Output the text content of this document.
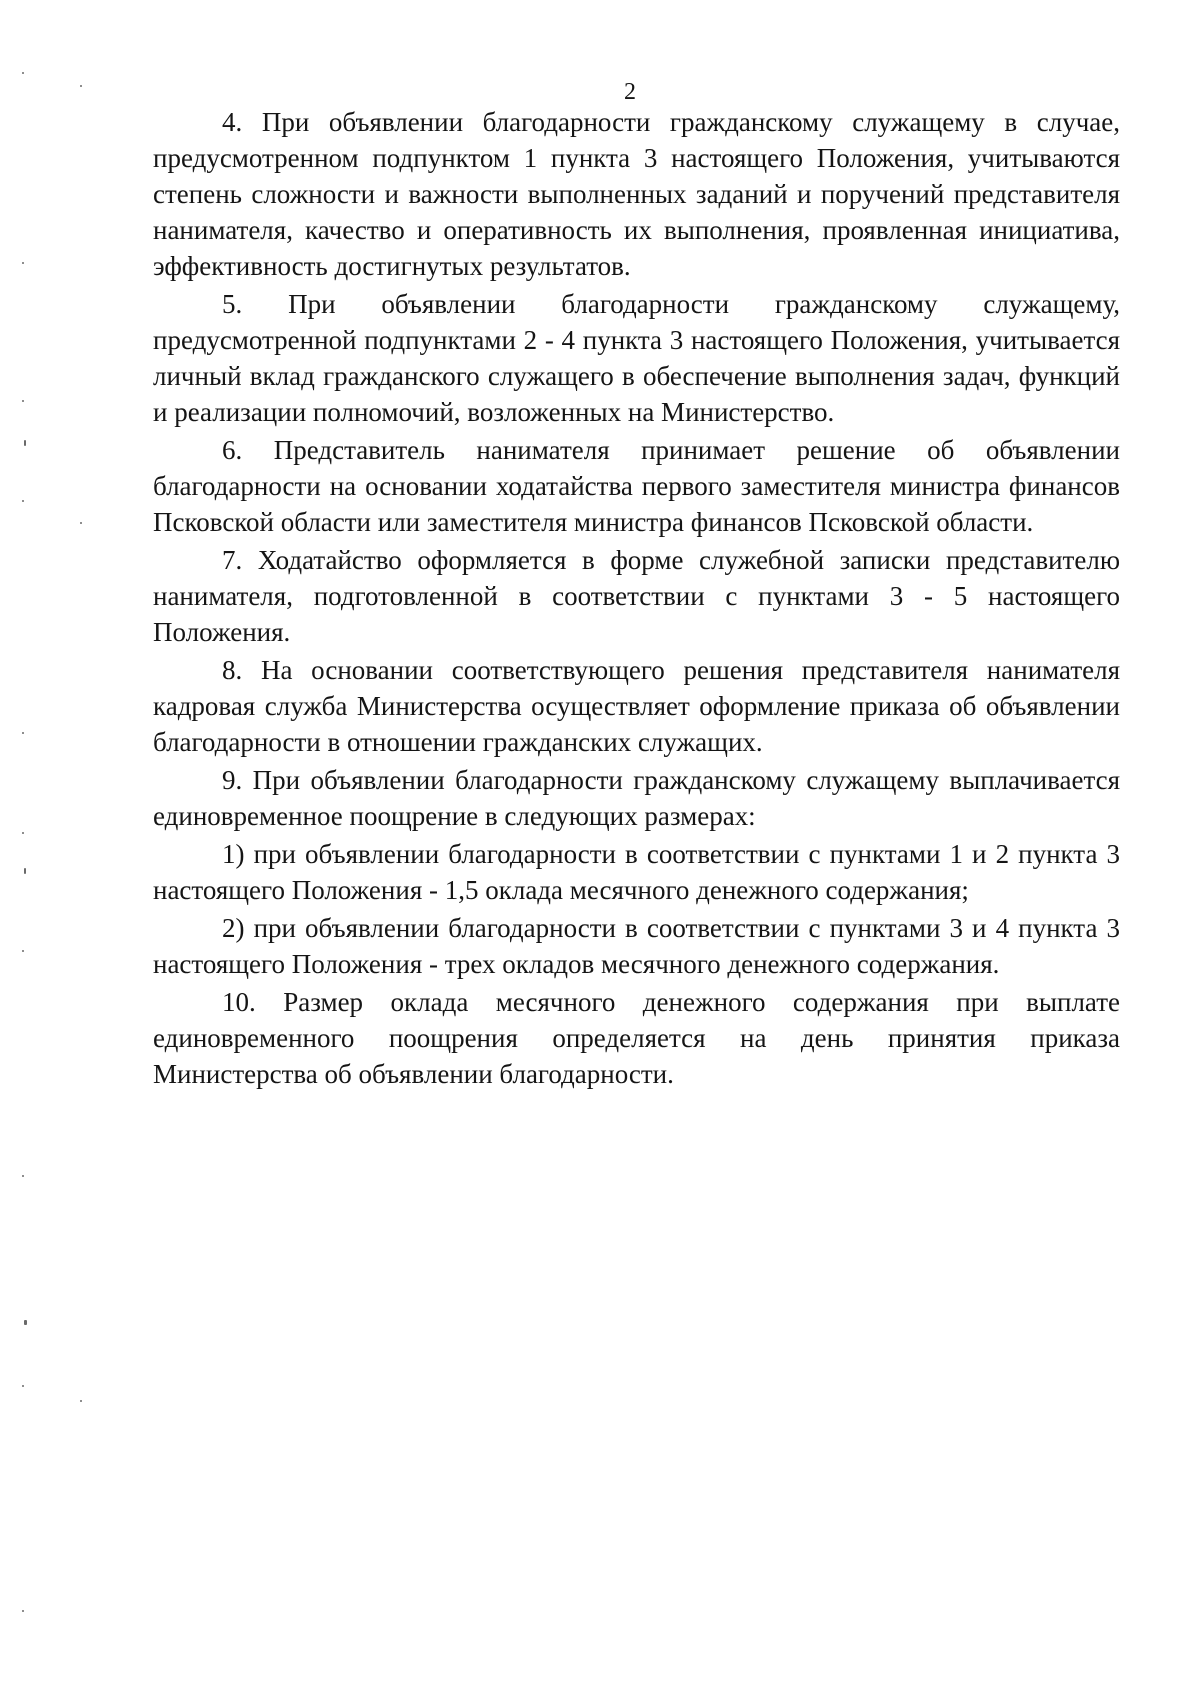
2

4. При объявлении благодарности гражданскому служащему в случае, предусмотренном подпунктом 1 пункта 3 настоящего Положения, учитываются степень сложности и важности выполненных заданий и поручений представителя нанимателя, качество и оперативность их выполнения, проявленная инициатива, эффективность достигнутых результатов.

5. При объявлении благодарности гражданскому служащему, предусмотренной подпунктами 2 - 4 пункта 3 настоящего Положения, учитывается личный вклад гражданского служащего в обеспечение выполнения задач, функций и реализации полномочий, возложенных на Министерство.

6. Представитель нанимателя принимает решение об объявлении благодарности на основании ходатайства первого заместителя министра финансов Псковской области или заместителя министра финансов Псковской области.

7. Ходатайство оформляется в форме служебной записки представителю нанимателя, подготовленной в соответствии с пунктами 3 - 5 настоящего Положения.

8. На основании соответствующего решения представителя нанимателя кадровая служба Министерства осуществляет оформление приказа об объявлении благодарности в отношении гражданских служащих.

9. При объявлении благодарности гражданскому служащему выплачивается единовременное поощрение в следующих размерах:

1) при объявлении благодарности в соответствии с пунктами 1 и 2 пункта 3 настоящего Положения - 1,5 оклада месячного денежного содержания;

2) при объявлении благодарности в соответствии с пунктами 3 и 4 пункта 3 настоящего Положения - трех окладов месячного денежного содержания.

10. Размер оклада месячного денежного содержания при выплате единовременного поощрения определяется на день принятия приказа Министерства об объявлении благодарности.
